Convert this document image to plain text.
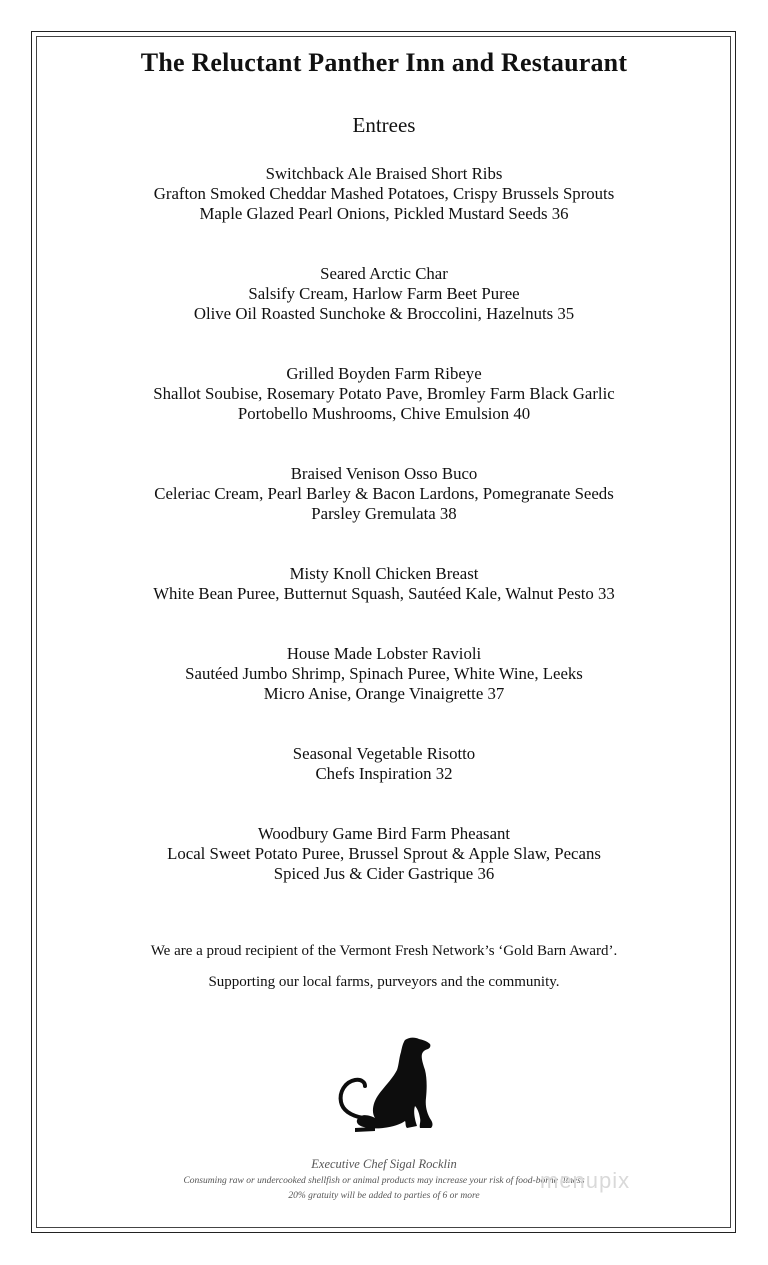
The Reluctant Panther Inn and Restaurant
Entrees
Switchback Ale Braised Short Ribs
Grafton Smoked Cheddar Mashed Potatoes, Crispy Brussels Sprouts
Maple Glazed Pearl Onions, Pickled Mustard Seeds 36
Seared Arctic Char
Salsify Cream, Harlow Farm Beet Puree
Olive Oil Roasted Sunchoke & Broccolini, Hazelnuts 35
Grilled Boyden Farm Ribeye
Shallot Soubise, Rosemary Potato Pave, Bromley Farm Black Garlic
Portobello Mushrooms, Chive Emulsion 40
Braised Venison Osso Buco
Celeriac Cream, Pearl Barley & Bacon Lardons, Pomegranate Seeds
Parsley Gremulata 38
Misty Knoll Chicken Breast
White Bean Puree, Butternut Squash, Sautéed Kale, Walnut Pesto 33
House Made Lobster Ravioli
Sautéed Jumbo Shrimp, Spinach Puree, White Wine, Leeks
Micro Anise, Orange Vinaigrette 37
Seasonal Vegetable Risotto
Chefs Inspiration 32
Woodbury Game Bird Farm Pheasant
Local Sweet Potato Puree, Brussel Sprout & Apple Slaw, Pecans
Spiced Jus & Cider Gastrique 36
We are a proud recipient of the Vermont Fresh Network’s ‘Gold Barn Award’.
Supporting our local farms, purveyors and the community.
Executive Chef Sigal Rocklin
Consuming raw or undercooked shellfish or animal products may increase your risk of food-borne illness
20% gratuity will be added to parties of 6 or more
menupix
